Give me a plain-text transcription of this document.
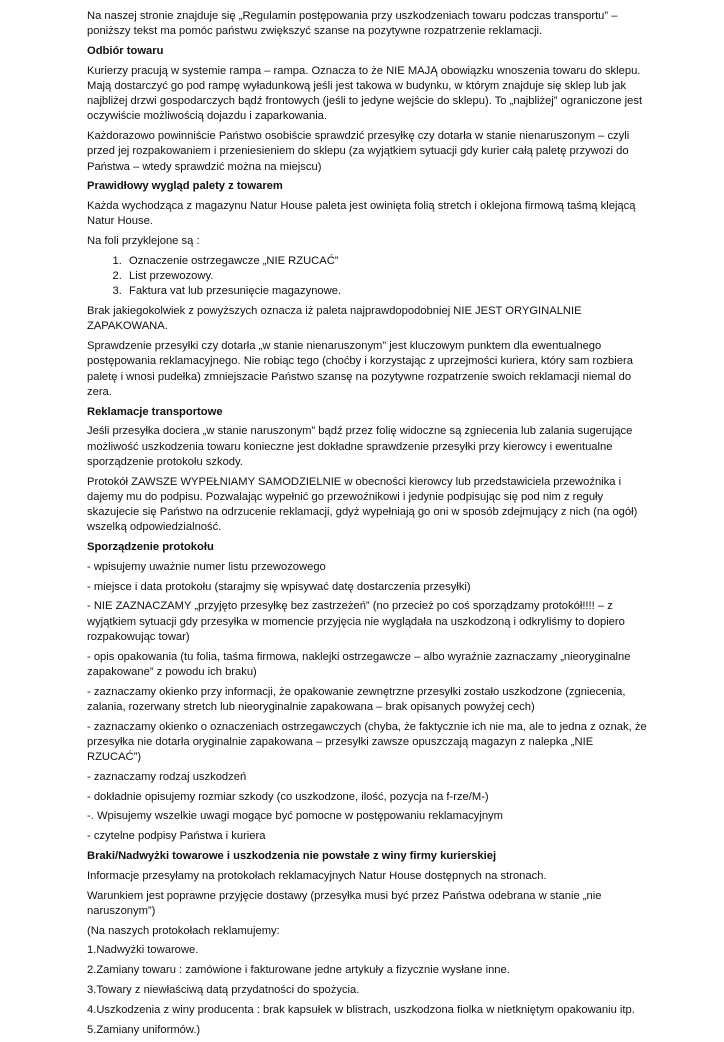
Na naszej stronie znajduje się „Regulamin postępowania przy uszkodzeniach towaru podczas transportu” – poniższy tekst ma pomóc państwu zwiększyć szanse na pozytywne rozpatrzenie reklamacji.

Odbiór towaru

Kurierzy pracują w systemie rampa – rampa. Oznacza to że NIE MAJĄ obowiązku wnoszenia towaru do sklepu. Mają dostarczyć go pod rampę wyładunkową jeśli jest takowa w budynku, w którym znajduje się sklep lub jak najbliżej drzwi gospodarczych bądź frontowych (jeśli to jedyne wejście do sklepu). To „najbliżej” ograniczone jest oczywiście możliwością dojazdu i zaparkowania.

Każdorazowo powinniście Państwo osobiście sprawdzić przesyłkę czy dotarła w stanie nienaruszonym – czyli przed jej rozpakowaniem i przeniesieniem do sklepu (za wyjątkiem sytuacji gdy kurier całą paletę przywozi do Państwa – wtedy sprawdzić można na miejscu)

Prawidłowy wygląd palety z towarem

Każda wychodząca z magazynu Natur House paleta jest owinięta folią stretch i oklejona firmową taśmą klejącą Natur House.

Na foli przyklejone są :

1. Oznaczenie ostrzegawcze „NIE RZUCAĆ”
2. List przewozowy.
3. Faktura vat lub przesunięcie magazynowe.

Brak jakiegokolwiek z powyższych oznacza iż paleta najprawdopodobniej NIE JEST ORYGINALNIE ZAPAKOWANA.

Sprawdzenie przesyłki czy dotarła „w stanie nienaruszonym” jest kluczowym punktem dla ewentualnego postępowania reklamacyjnego. Nie robiąc tego (choćby i korzystając z uprzejmości kuriera, który sam rozbiera paletę i wnosi pudełka) zmniejszacie Państwo szansę na pozytywne rozpatrzenie swoich reklamacji niemal do zera.

Reklamacje transportowe

Jeśli przesyłka dociera „w stanie naruszonym” bądź przez folię widoczne są zgniecenia lub zalania sugerujące możliwość uszkodzenia towaru konieczne jest dokładne sprawdzenie przesyłki przy kierowcy i ewentualne sporządzenie protokołu szkody.

Protokół ZAWSZE WYPEŁNIAMY SAMODZIELNIE w obecności kierowcy lub przedstawiciela przewoźnika i dajemy mu do podpisu. Pozwalając wypełnić go przewoźnikowi i jedynie podpisując się pod nim z reguły skazujecie się Państwo na odrzucenie reklamacji, gdyż wypełniają go oni w sposób zdejmujący z nich (na ogół) wszelką odpowiedzialność.

Sporządzenie protokołu

- wpisujemy uważnie numer listu przewozowego

- miejsce i data protokołu (starajmy się wpisywać datę dostarczenia przesyłki)

- NIE ZAZNACZAMY „przyjęto przesyłkę bez zastrzeżeń” (no przecież po coś sporządzamy protokół!!!! – z wyjątkiem sytuacji gdy przesyłka w momencie przyjęcia nie wyglądała na uszkodzoną i odkryliśmy to dopiero rozpakowując towar)

- opis opakowania (tu folia, taśma firmowa, naklejki ostrzegawcze – albo wyraźnie zaznaczamy „nieoryginalne zapakowane” z powodu ich braku)

- zaznaczamy okienko przy informacji, że opakowanie zewnętrzne przesyłki zostało uszkodzone (zgniecenia, zalania, rozerwany stretch lub nieoryginalnie zapakowana – brak opisanych powyżej cech)

- zaznaczamy okienko o oznaczeniach ostrzegawczych (chyba, że faktycznie ich nie ma, ale to jedna z oznak, że przesyłka nie dotarła oryginalnie zapakowana – przesyłki zawsze opuszczają magazyn z nalepka „NIE RZUCAĆ”)

- zaznaczamy rodzaj uszkodzeń

- dokładnie opisujemy rozmiar szkody (co uszkodzone, ilość, pozycja na f-rze/M-)

-. Wpisujemy wszelkie uwagi mogące być pomocne w postępowaniu reklamacyjnym

- czytelne podpisy Państwa i kuriera

Braki/Nadwyżki towarowe i uszkodzenia nie powstałe z winy firmy kurierskiej

Informacje przesyłamy na protokołach reklamacyjnych Natur House dostępnych na stronach.

Warunkiem jest poprawne przyjęcie dostawy (przesyłka musi być przez Państwa odebrana w stanie „nie naruszonym”)

(Na naszych protokołach reklamujemy:

1.Nadwyżki towarowe.

2.Zamiany towaru : zamówione i fakturowane jedne artykuły a fizycznie wysłane inne.

3.Towary z niewłaściwą datą przydatności do spożycia.

4.Uszkodzenia z winy producenta : brak kapsułek w blistrach, uszkodzona fiolka w nietkniętym opakowaniu itp.

5.Zamiany uniformów.)
